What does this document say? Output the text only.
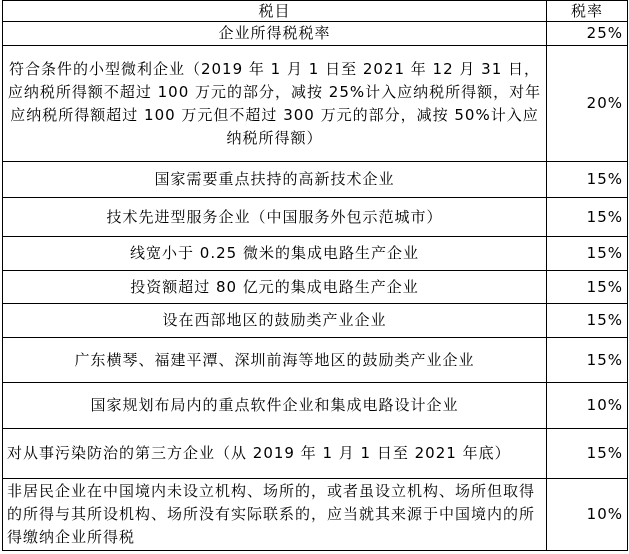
税目	税率
企业所得税税率	25%
符合条件的小型微利企业（2019 年 1 月 1 日至 2021 年 12 月 31 日，应纳税所得额不超过 100 万元的部分，减按 25%计入应纳税所得额，对年应纳税所得额超过 100 万元但不超过 300 万元的部分，减按 50%计入应纳税所得额）	20%
国家需要重点扶持的高新技术企业	15%
技术先进型服务企业（中国服务外包示范城市）	15%
线宽小于 0.25 微米的集成电路生产企业	15%
投资额超过 80 亿元的集成电路生产企业	15%
设在西部地区的鼓励类产业企业	15%
广东横琴、福建平潭、深圳前海等地区的鼓励类产业企业	15%
国家规划布局内的重点软件企业和集成电路设计企业	10%
对从事污染防治的第三方企业（从 2019 年 1 月 1 日至 2021 年底）	15%
非居民企业在中国境内未设立机构、场所的，或者虽设立机构、场所但取得的所得与其所设机构、场所没有实际联系的，应当就其来源于中国境内的所得缴纳企业所得税	10%
